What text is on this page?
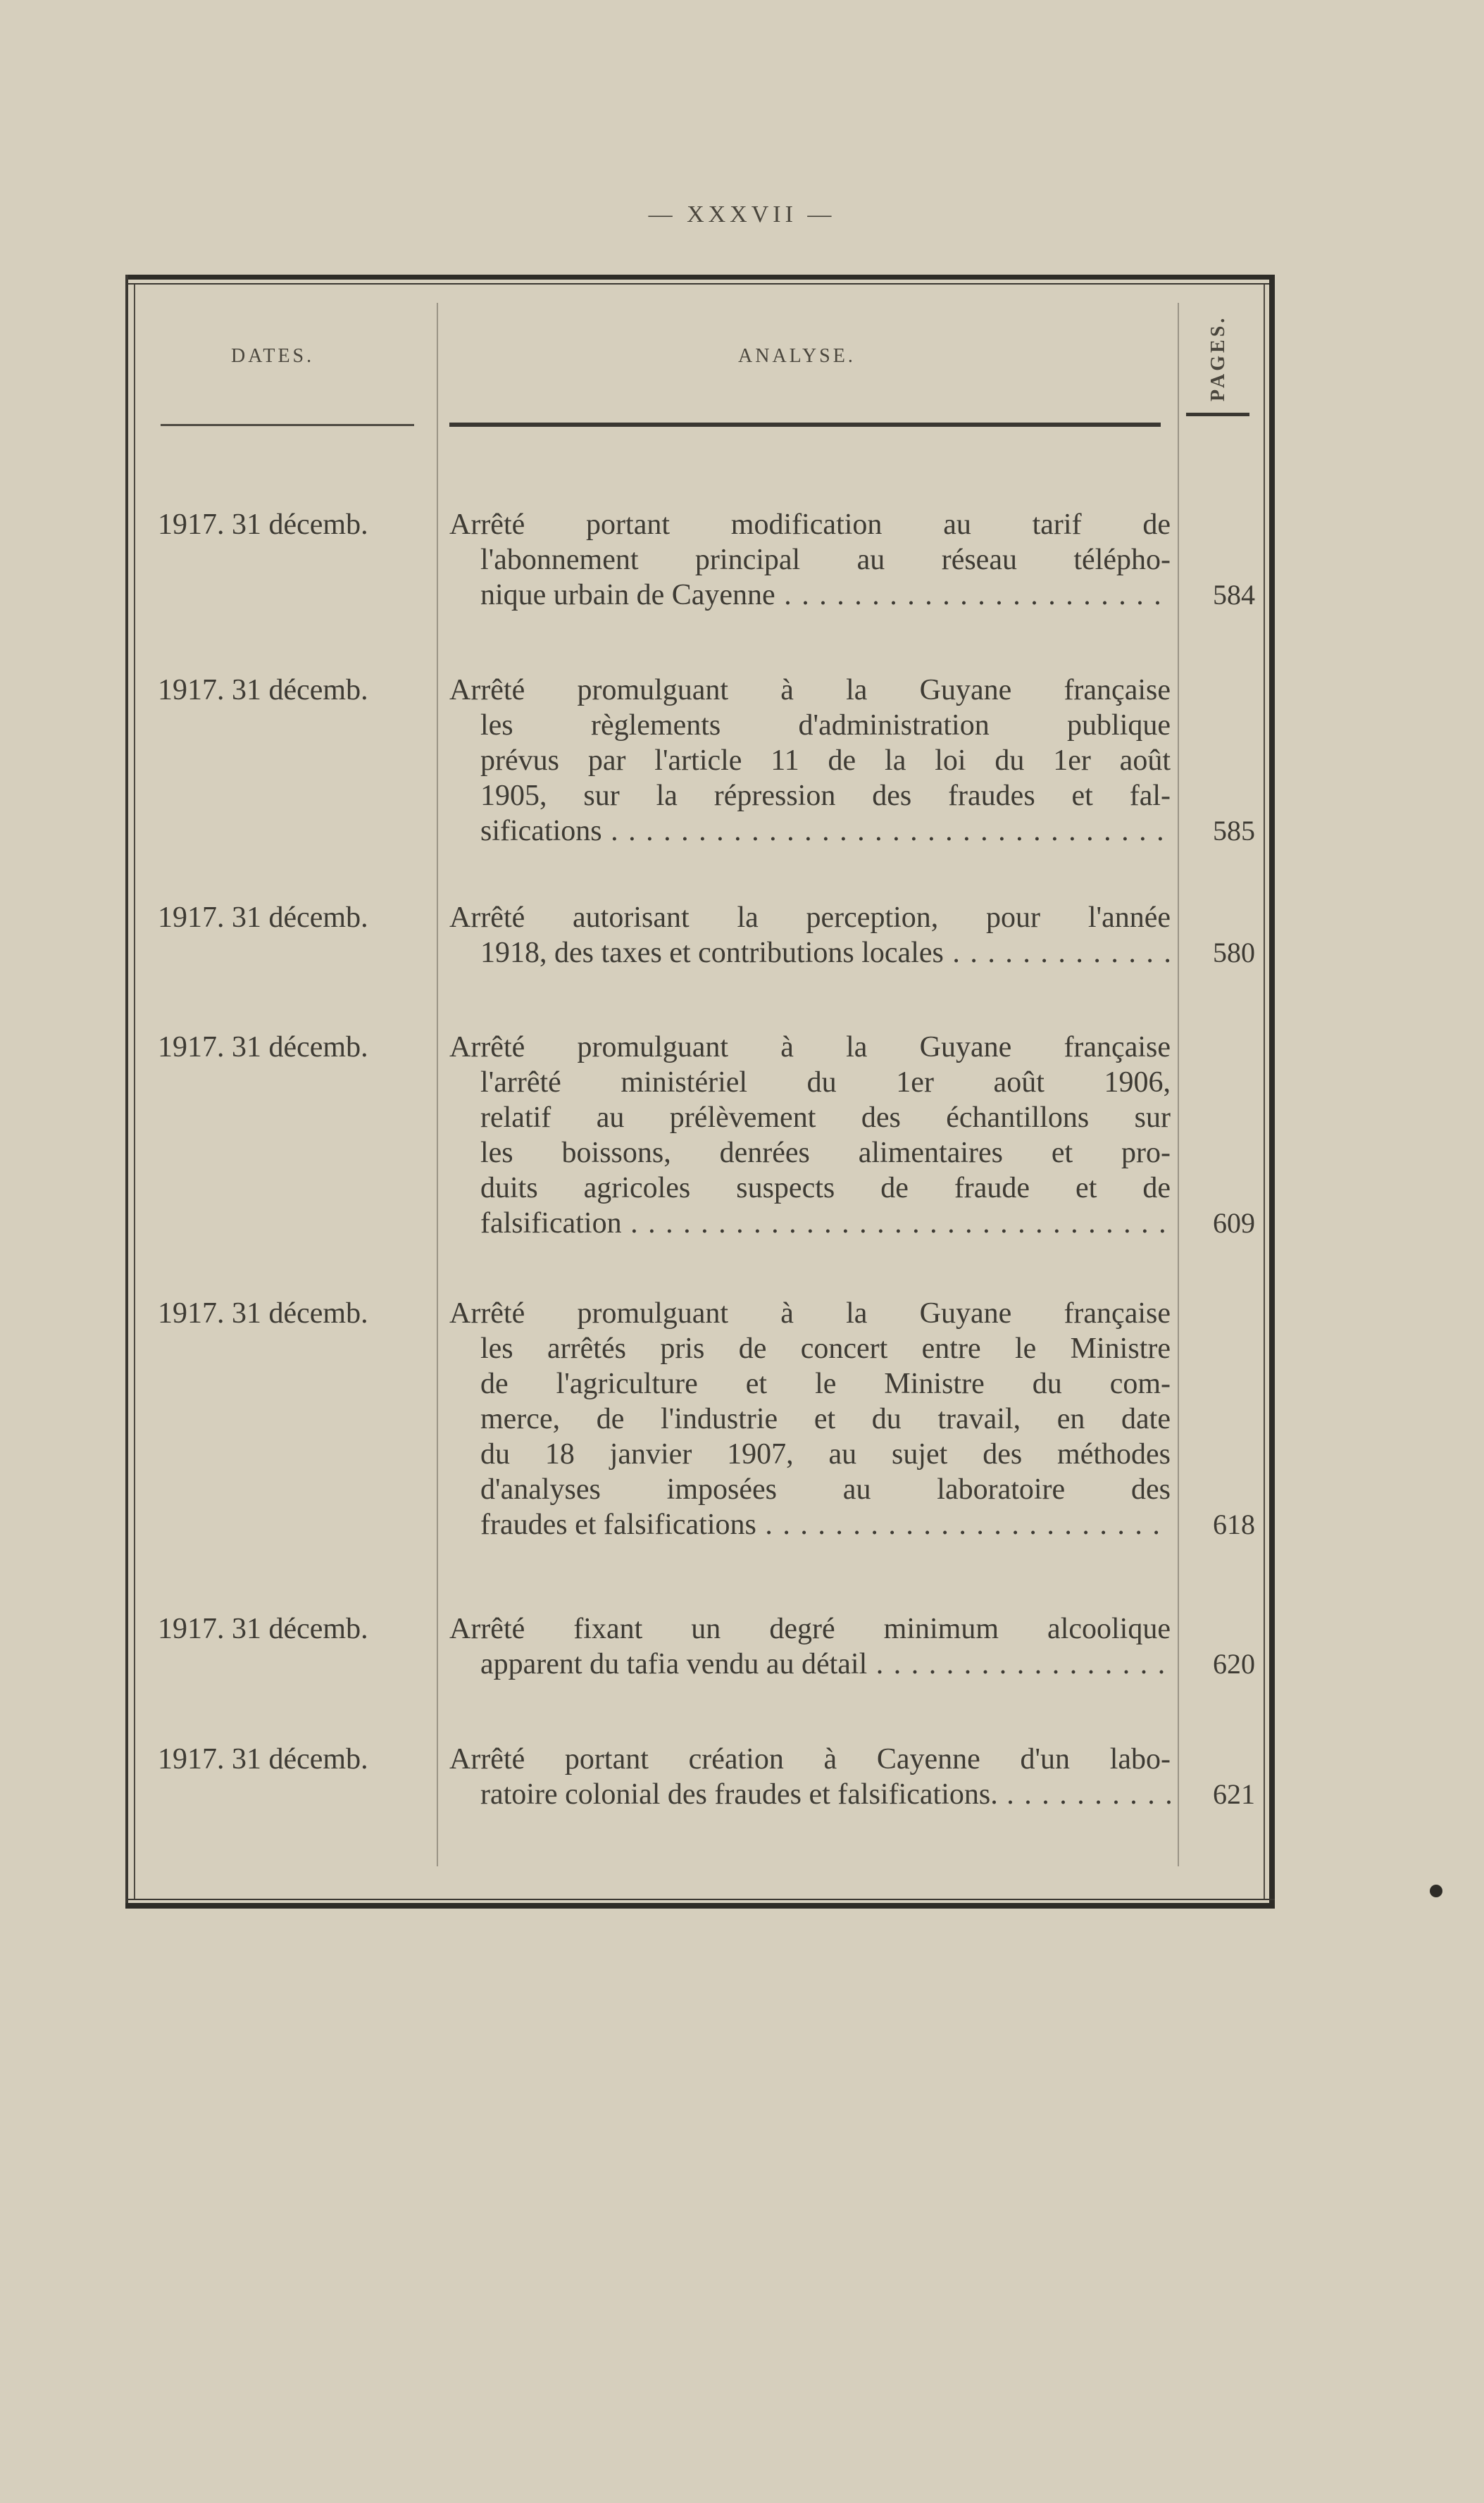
— XXXVII —
DATES.	ANALYSE.	PAGES.
1917. 31 décemb.	Arrêté portant modification au tarif de
l'abonnement principal au réseau télépho-
nique urbain de Cayenne . . .	584
1917. 31 décemb.	Arrêté promulguant à la Guyane française
les règlements d'administration publique
prévus par l'article 11 de la loi du 1er août
1905, sur la répression des fraudes et fal-
sifications . . .	585
1917. 31 décemb.	Arrêté autorisant la perception, pour l'année
1918, des taxes et contributions locales . . .	580
1917. 31 décemb.	Arrêté promulguant à la Guyane française
l'arrêté ministériel du 1er août 1906,
relatif au prélèvement des échantillons sur
les boissons, denrées alimentaires et pro-
duits agricoles suspects de fraude et de
falsification . . .	609
1917. 31 décemb.	Arrêté promulguant à la Guyane française
les arrêtés pris de concert entre le Ministre
de l'agriculture et le Ministre du com-
merce, de l'industrie et du travail, en date
du 18 janvier 1907, au sujet des méthodes
d'analyses imposées au laboratoire des
fraudes et falsifications . . .	618
1917. 31 décemb.	Arrêté fixant un degré minimum alcoolique
apparent du tafia vendu au détail . . .	620
1917. 31 décemb.	Arrêté portant création à Cayenne d'un labo-
ratoire colonial des fraudes et falsifications. . . .	621
